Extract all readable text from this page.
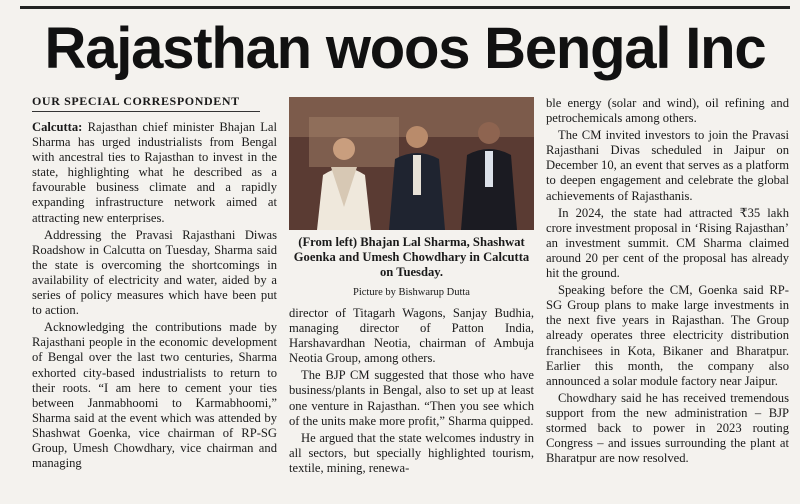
Rajasthan woos Bengal Inc
OUR SPECIAL CORRESPONDENT

Calcutta: Rajasthan chief minister Bhajan Lal Sharma has urged industrialists from Bengal with ancestral ties to Rajasthan to invest in the state, highlighting what he described as a favourable business climate and a rapidly expanding infrastructure network aimed at attracting new enterprises.

Addressing the Pravasi Rajasthani Diwas Roadshow in Calcutta on Tuesday, Sharma said the state is overcoming the shortcomings in availability of electricity and water, aided by a series of policy measures which have been put to action.

Acknowledging the contributions made by Rajasthani people in the economic development of Bengal over the last two centuries, Sharma exhorted city-based industrialists to return to their roots. “I am here to cement your ties between Janmabhoomi to Karmabhoomi,” Sharma said at the event which was attended by Shashwat Goenka, vice chairman of RP-SG Group, Umesh Chowdhary, vice chairman and managing

(From left) Bhajan Lal Sharma, Shashwat Goenka and Umesh Chowdhary in Calcutta on Tuesday.
Picture by Bishwarup Dutta

director of Titagarh Wagons, Sanjay Budhia, managing director of Patton India, Harshavardhan Neotia, chairman of Ambuja Neotia Group, among others.

The BJP CM suggested that those who have business/plants in Bengal, also to set up at least one venture in Rajasthan. “Then you see which of the units make more profit,” Sharma quipped.

He argued that the state welcomes industry in all sectors, but specially highlighted tourism, textile, mining, renewa-

ble energy (solar and wind), oil refining and petrochemicals among others.

The CM invited investors to join the Pravasi Rajasthani Divas scheduled in Jaipur on December 10, an event that serves as a platform to deepen engagement and celebrate the global achievements of Rajasthanis.

In 2024, the state had attracted ₹35 lakh crore investment proposal in ‘Rising Rajasthan’ an investment summit. CM Sharma claimed around 20 per cent of the proposal has already hit the ground.

Speaking before the CM, Goenka said RP-SG Group plans to make large investments in the next five years in Rajasthan. The Group already operates three electricity distribution franchisees in Kota, Bikaner and Bharatpur. Earlier this month, the company also announced a solar module factory near Jaipur.

Chowdhary said he has received tremendous support from the new administration – BJP stormed back to power in 2023 routing Congress – and issues surrounding the plant at Bharatpur are now resolved.
